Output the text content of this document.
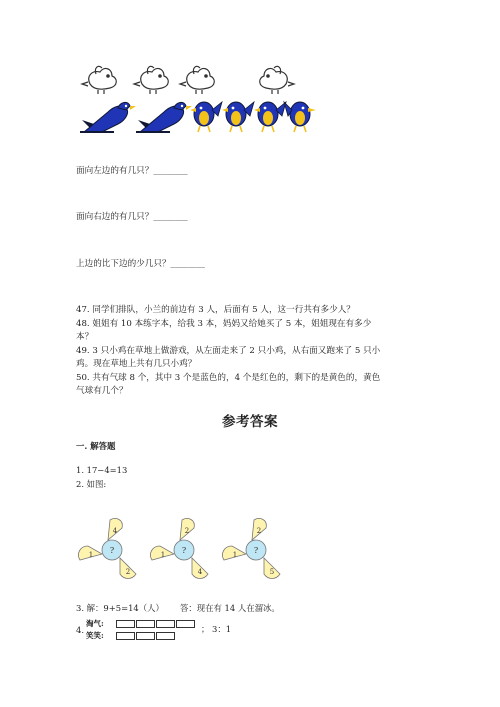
面向左边的有几只？________
面向右边的有几只？________
上边的比下边的少几只？________
47. 同学们排队，小兰的前边有 3 人，后面有 5 人，这一行共有多少人？
48. 姐姐有 10 本练字本，给我 3 本，妈妈又给她买了 5 本，姐姐现在有多少
本？
49. 3 只小鸡在草地上做游戏，从左面走来了 2 只小鸡，从右面又跑来了 5 只小
鸡。现在草地上共有几只小鸡？
50. 共有气球 8 个，其中 3 个是蓝色的，4 个是红色的，剩下的是黄色的，黄色
气球有几个？
参考答案
一. 解答题
1. 17−4=13
2. 如图:
?
4
1
2
?
2
1
4
?
2
1
5
3. 解：9+5=14（人） 答：现在有 14 人在溜冰。
4.
淘气:
笑笑:
； 3：1
